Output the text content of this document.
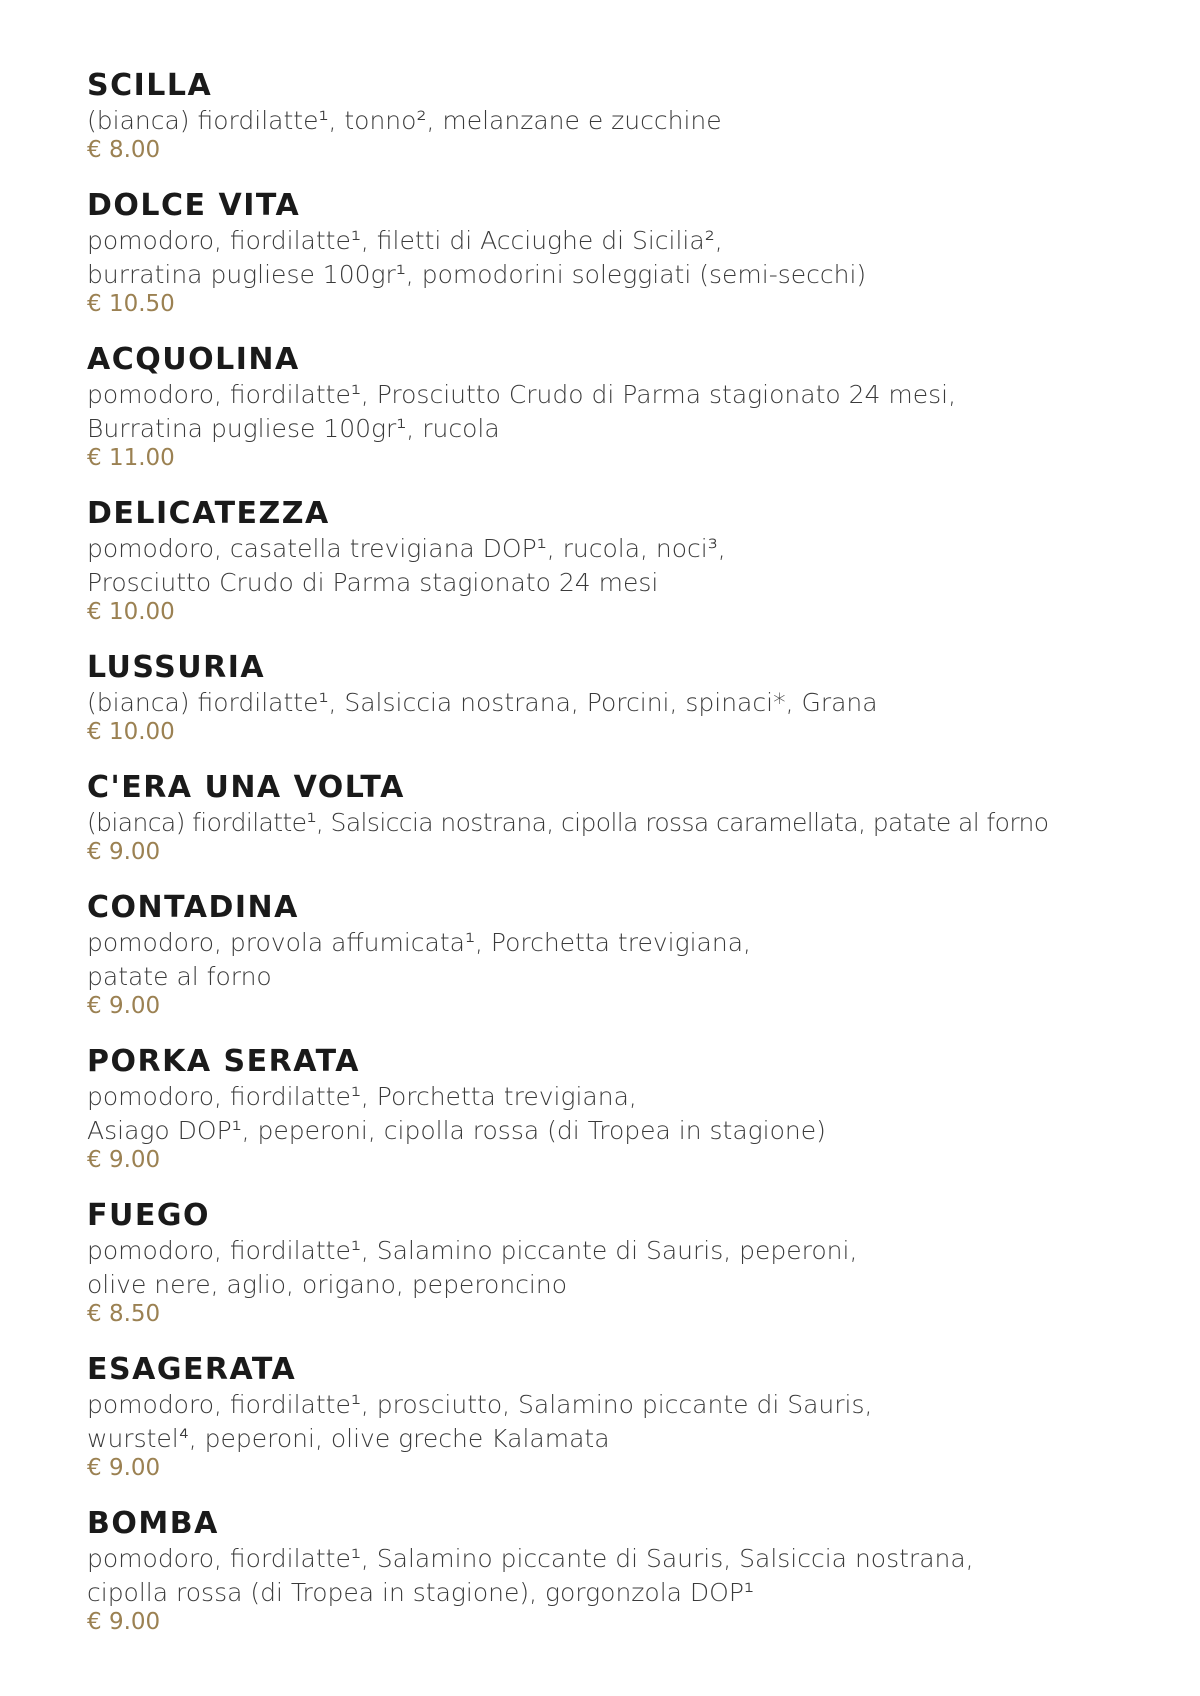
SCILLA
(bianca) fiordilatte¹, tonno², melanzane e zucchine
€ 8.00
DOLCE VITA
pomodoro, fiordilatte¹, filetti di Acciughe di Sicilia²,
burratina pugliese 100gr¹, pomodorini soleggiati (semi-secchi)
€ 10.50
ACQUOLINA
pomodoro, fiordilatte¹, Prosciutto Crudo di Parma stagionato 24 mesi,
Burratina pugliese 100gr¹, rucola
€ 11.00
DELICATEZZA
pomodoro, casatella trevigiana DOP¹, rucola, noci³,
Prosciutto Crudo di Parma stagionato 24 mesi
€ 10.00
LUSSURIA
(bianca) fiordilatte¹, Salsiccia nostrana, Porcini, spinaci*, Grana
€ 10.00
C'ERA UNA VOLTA
(bianca) fiordilatte¹, Salsiccia nostrana, cipolla rossa caramellata, patate al forno
€ 9.00
CONTADINA
pomodoro, provola affumicata¹, Porchetta trevigiana,
patate al forno
€ 9.00
PORKA SERATA
pomodoro, fiordilatte¹, Porchetta trevigiana,
Asiago DOP¹, peperoni, cipolla rossa (di Tropea in stagione)
€ 9.00
FUEGO
pomodoro, fiordilatte¹, Salamino piccante di Sauris, peperoni,
olive nere, aglio, origano, peperoncino
€ 8.50
ESAGERATA
pomodoro, fiordilatte¹, prosciutto, Salamino piccante di Sauris,
wurstel⁴, peperoni, olive greche Kalamata
€ 9.00
BOMBA
pomodoro, fiordilatte¹, Salamino piccante di Sauris, Salsiccia nostrana,
cipolla rossa (di Tropea in stagione), gorgonzola DOP¹
€ 9.00
